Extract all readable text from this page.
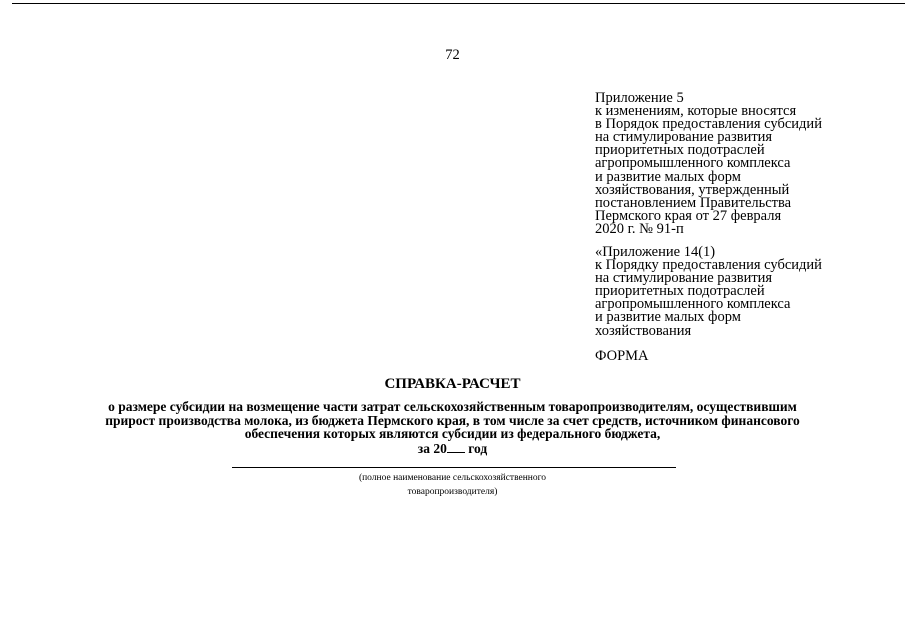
72
Приложение 5
к изменениям, которые вносятся
в Порядок предоставления субсидий
на стимулирование развития
приоритетных подотраслей
агропромышленного комплекса
и развитие малых форм
хозяйствования, утвержденный
постановлением Правительства
Пермского края от 27 февраля
2020 г. № 91-п
«Приложение 14(1)
к Порядку предоставления субсидий
на стимулирование развития
приоритетных подотраслей
агропромышленного комплекса
и развитие малых форм
хозяйствования
ФОРМА
СПРАВКА-РАСЧЕТ
о размере субсидии на возмещение части затрат сельскохозяйственным товаропроизводителям, осуществившим
прирост производства молока, из бюджета Пермского края, в том числе за счет средств, источником финансового
обеспечения которых являются субсидии из федерального бюджета,
за 20 год
(полное наименование сельскохозяйственного
товаропроизводителя)
